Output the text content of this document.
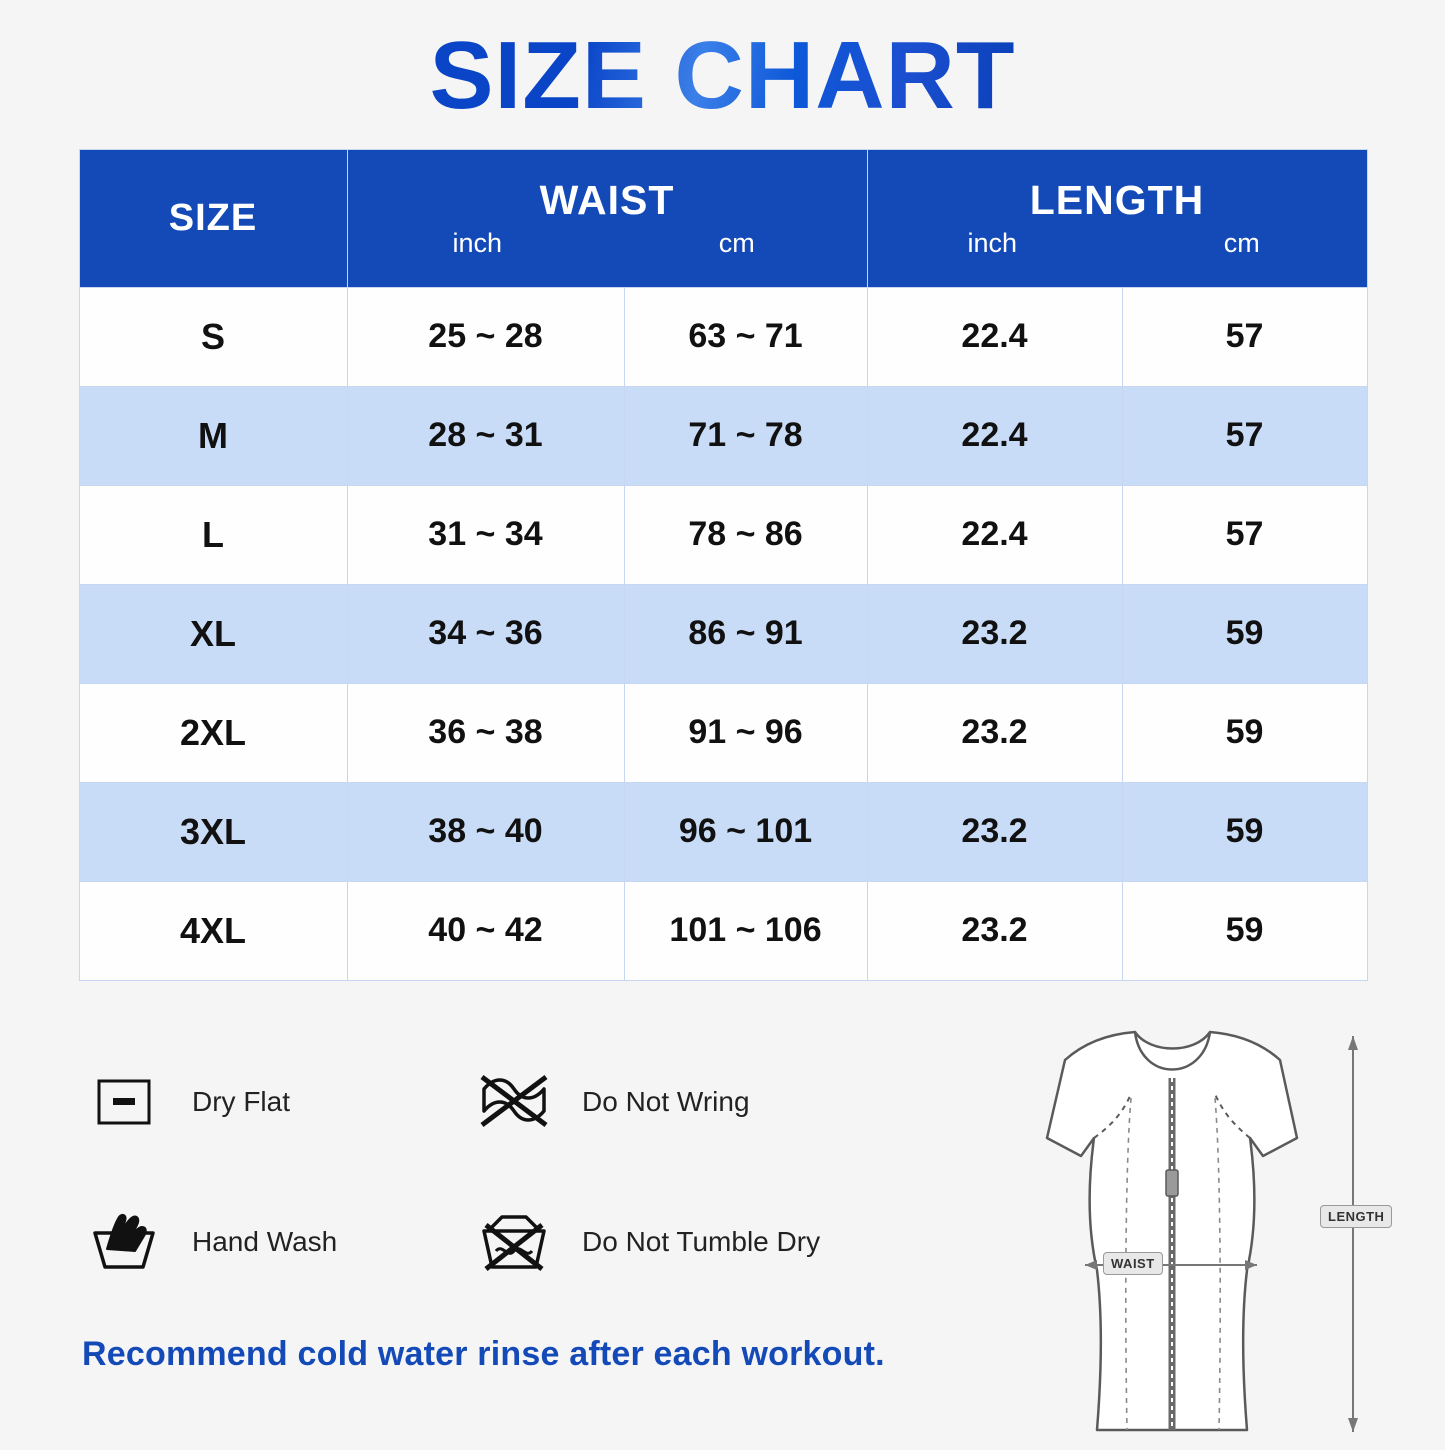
SIZE CHART
SIZE	WAIST
inch	cm

LENGTH
inch	cm

S	25 ~ 28	63 ~ 71	22.4	57
M	28 ~ 31	71 ~ 78	22.4	57
L	31 ~ 34	78 ~ 86	22.4	57
XL	34 ~ 36	86 ~ 91	23.2	59
2XL	36 ~ 38	91 ~ 96	23.2	59
3XL	38 ~ 40	96 ~ 101	23.2	59
4XL	40 ~ 42	101 ~ 106	23.2	59
Dry Flat	Do Not Wring
Hand Wash	Do Not Tumble Dry
Recommend cold water rinse after each workout.
WAIST
LENGTH
